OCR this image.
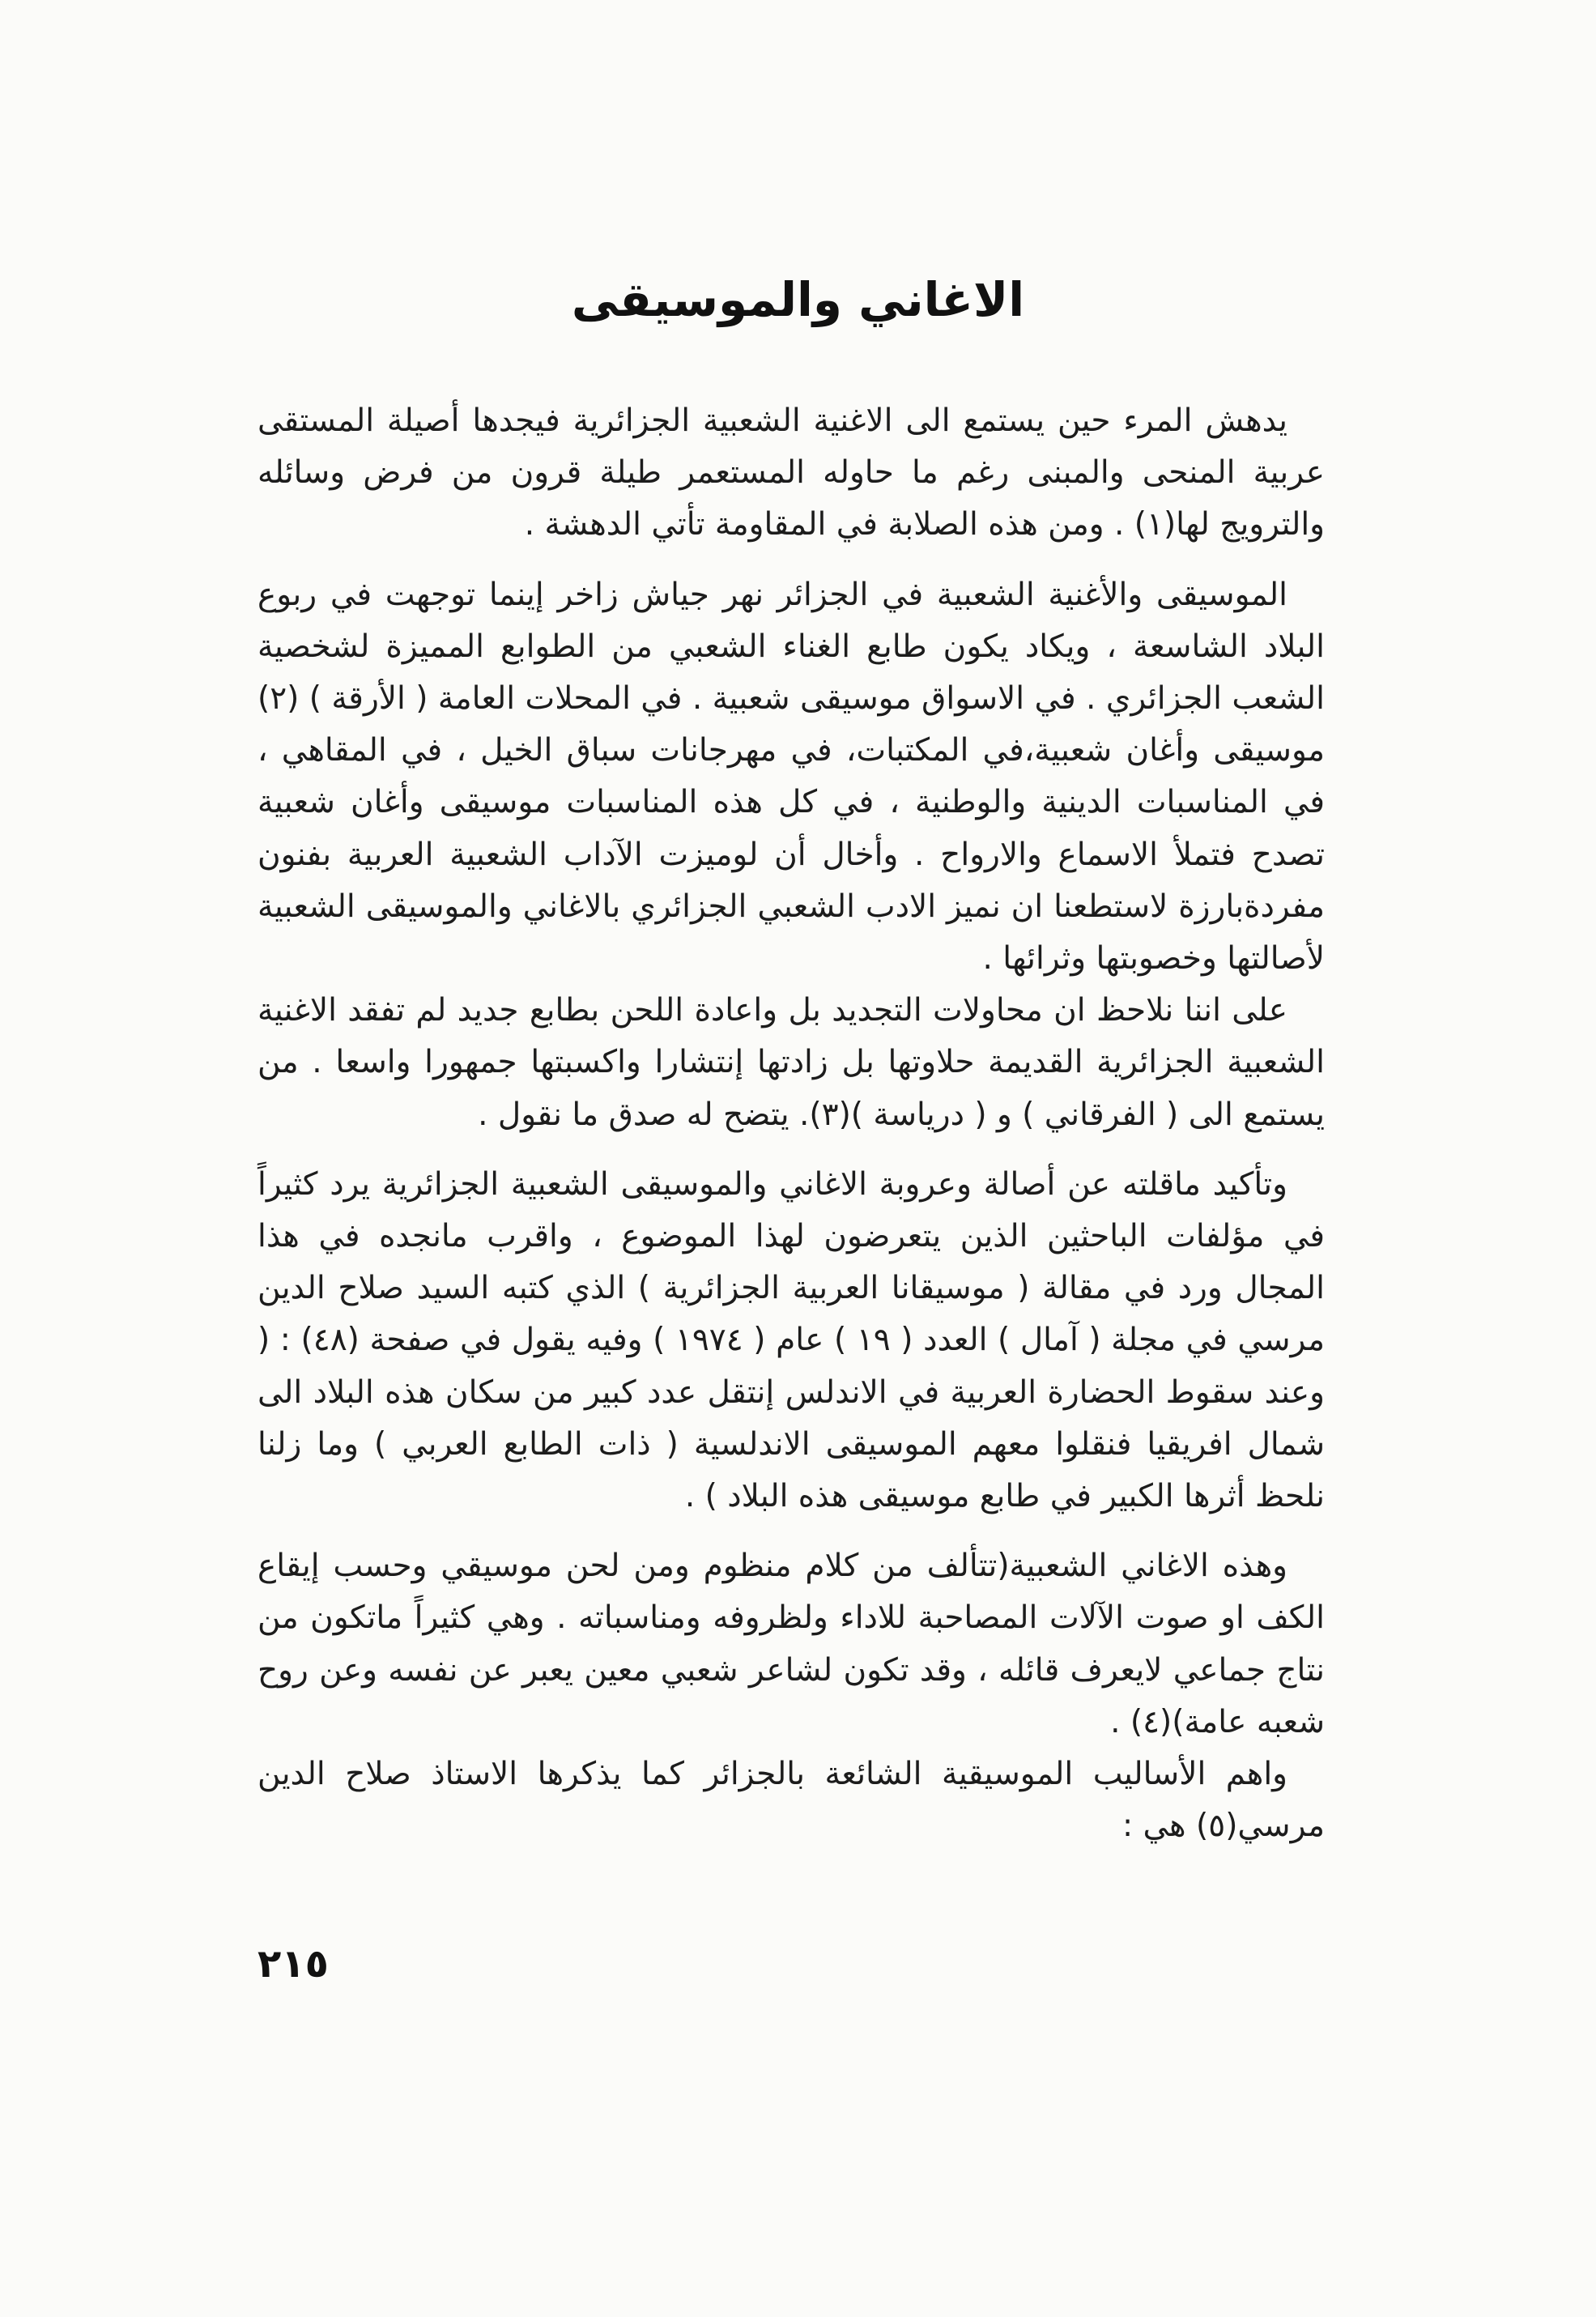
الاغاني والموسيقى

يدهش المرء حين يستمع الى الاغنية الشعبية الجزائرية فيجدها أصيلة المستقى عربية المنحى والمبنى رغم ما حاوله المستعمر طيلة قرون من فرض وسائله والترويج لها(١) . ومن هذه الصلابة في المقاومة تأتي الدهشة .

الموسيقى والأغنية الشعبية في الجزائر نهر جياش زاخر إينما توجهت في ربوع البلاد الشاسعة ، ويكاد يكون طابع الغناء الشعبي من الطوابع المميزة لشخصية الشعب الجزائري . في الاسواق موسيقى شعبية . في المحلات العامة ( الأرقة ) (٢) موسيقى وأغان شعبية،في المكتبات، في مهرجانات سباق الخيل ، في المقاهي ، في المناسبات الدينية والوطنية ، في كل هذه المناسبات موسيقى وأغان شعبية تصدح فتملأ الاسماع والارواح . وأخال أن لوميزت الآداب الشعبية العربية بفنون مفردةبارزة لاستطعنا ان نميز الادب الشعبي الجزائري بالاغاني والموسيقى الشعبية لأصالتها وخصوبتها وثرائها .

على اننا نلاحظ ان محاولات التجديد بل واعادة اللحن بطابع جديد لم تفقد الاغنية الشعبية الجزائرية القديمة حلاوتها بل زادتها إنتشارا واكسبتها جمهورا واسعا . من يستمع الى ( الفرقاني ) و ( درياسة )(٣). يتضح له صدق ما نقول .

وتأكيد ماقلته عن أصالة وعروبة الاغاني والموسيقى الشعبية الجزائرية يرد كثيراً في مؤلفات الباحثين الذين يتعرضون لهذا الموضوع ، واقرب مانجده في هذا المجال ورد في مقالة ( موسيقانا العربية الجزائرية ) الذي كتبه السيد صلاح الدين مرسي في مجلة ( آمال ) العدد ( ١٩ ) عام ( ١٩٧٤ ) وفيه يقول في صفحة (٤٨) : ( وعند سقوط الحضارة العربية في الاندلس إنتقل عدد كبير من سكان هذه البلاد الى شمال افريقيا فنقلوا معهم الموسيقى الاندلسية ( ذات الطابع العربي ) وما زلنا نلحظ أثرها الكبير في طابع موسيقى هذه البلاد ) .

وهذه الاغاني الشعبية(تتألف من كلام منظوم ومن لحن موسيقي وحسب إيقاع الكف او صوت الآلات المصاحبة للاداء ولظروفه ومناسباته . وهي كثيراً ماتكون من نتاج جماعي لايعرف قائله ، وقد تكون لشاعر شعبي معين يعبر عن نفسه وعن روح شعبه عامة)(٤) .

واهم الأساليب الموسيقية الشائعة بالجزائر كما يذكرها الاستاذ صلاح الدين مرسي(٥) هي :

٢١٥
